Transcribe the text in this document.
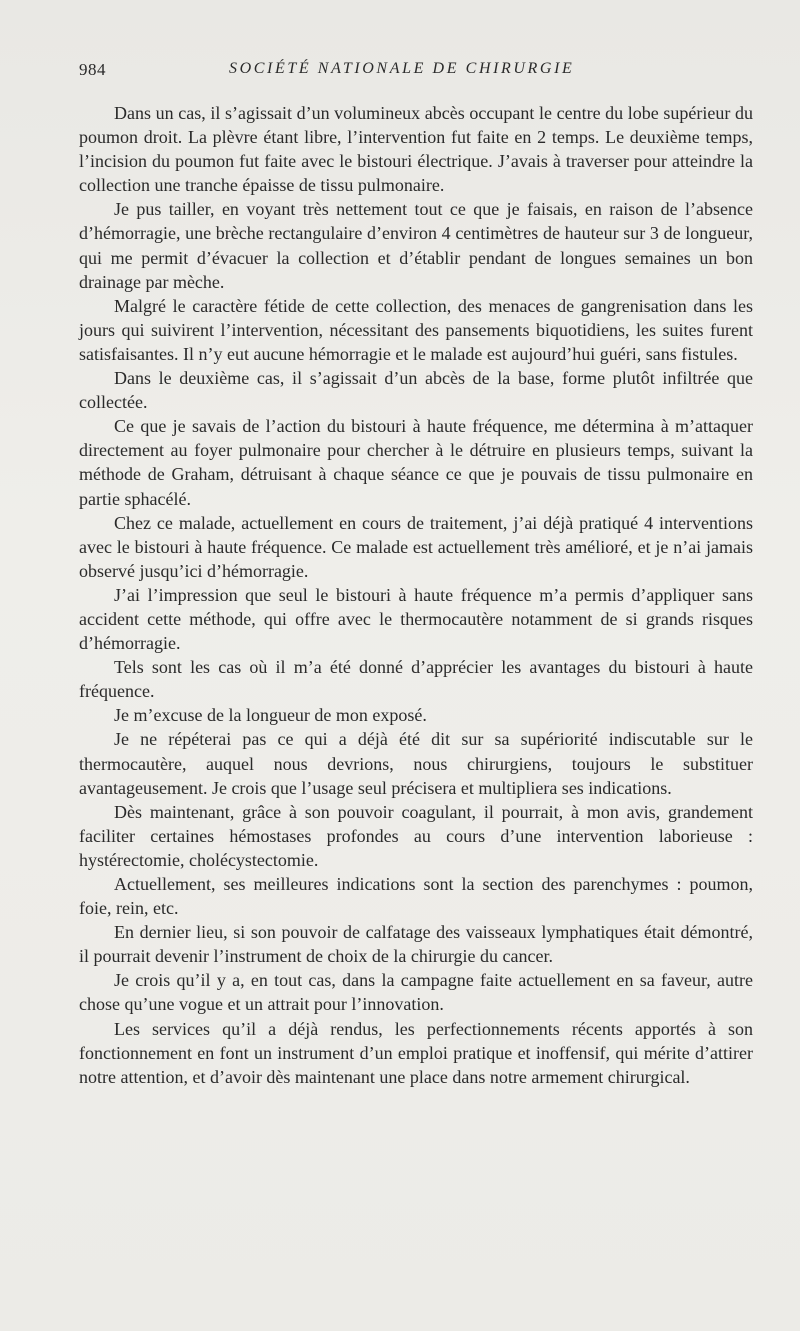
984	SOCIÉTÉ NATIONALE DE CHIRURGIE

Dans un cas, il s’agissait d’un volumineux abcès occupant le centre du lobe supérieur du poumon droit. La plèvre étant libre, l’intervention fut faite en 2 temps. Le deuxième temps, l’incision du poumon fut faite avec le bistouri électrique. J’avais à traverser pour atteindre la collection une tranche épaisse de tissu pulmonaire.

Je pus tailler, en voyant très nettement tout ce que je faisais, en raison de l’absence d’hémorragie, une brèche rectangulaire d’environ 4 centimètres de hauteur sur 3 de longueur, qui me permit d’évacuer la collection et d’établir pendant de longues semaines un bon drainage par mèche.

Malgré le caractère fétide de cette collection, des menaces de gangrenisation dans les jours qui suivirent l’intervention, nécessitant des pansements biquotidiens, les suites furent satisfaisantes. Il n’y eut aucune hémorragie et le malade est aujourd’hui guéri, sans fistules.

Dans le deuxième cas, il s’agissait d’un abcès de la base, forme plutôt infiltrée que collectée.

Ce que je savais de l’action du bistouri à haute fréquence, me détermina à m’attaquer directement au foyer pulmonaire pour chercher à le détruire en plusieurs temps, suivant la méthode de Graham, détruisant à chaque séance ce que je pouvais de tissu pulmonaire en partie sphacélé.

Chez ce malade, actuellement en cours de traitement, j’ai déjà pratiqué 4 interventions avec le bistouri à haute fréquence. Ce malade est actuellement très amélioré, et je n’ai jamais observé jusqu’ici d’hémorragie.

J’ai l’impression que seul le bistouri à haute fréquence m’a permis d’appliquer sans accident cette méthode, qui offre avec le thermocautère notamment de si grands risques d’hémorragie.

Tels sont les cas où il m’a été donné d’apprécier les avantages du bistouri à haute fréquence.

Je m’excuse de la longueur de mon exposé.

Je ne répéterai pas ce qui a déjà été dit sur sa supériorité indiscutable sur le thermocautère, auquel nous devrions, nous chirurgiens, toujours le substituer avantageusement. Je crois que l’usage seul précisera et multipliera ses indications.

Dès maintenant, grâce à son pouvoir coagulant, il pourrait, à mon avis, grandement faciliter certaines hémostases profondes au cours d’une intervention laborieuse : hystérectomie, cholécystectomie.

Actuellement, ses meilleures indications sont la section des parenchymes : poumon, foie, rein, etc.

En dernier lieu, si son pouvoir de calfatage des vaisseaux lymphatiques était démontré, il pourrait devenir l’instrument de choix de la chirurgie du cancer.

Je crois qu’il y a, en tout cas, dans la campagne faite actuellement en sa faveur, autre chose qu’une vogue et un attrait pour l’innovation.

Les services qu’il a déjà rendus, les perfectionnements récents apportés à son fonctionnement en font un instrument d’un emploi pratique et inoffensif, qui mérite d’attirer notre attention, et d’avoir dès maintenant une place dans notre armement chirurgical.
